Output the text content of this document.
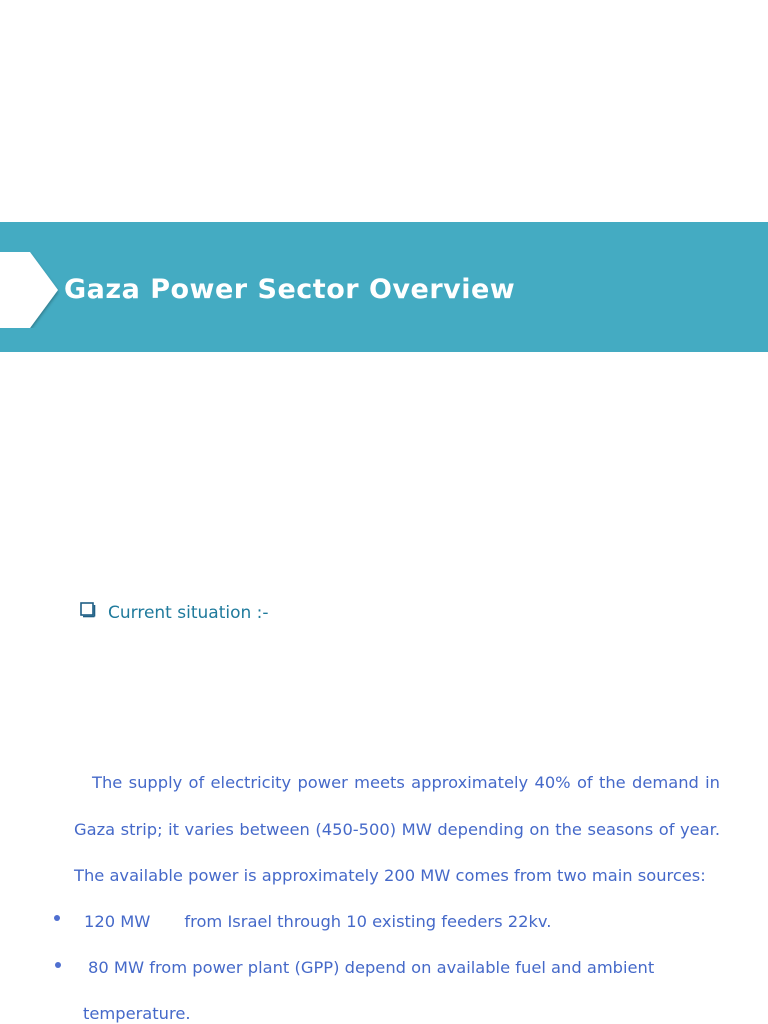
Gaza Power Sector Overview
Current situation :-
The supply of electricity power meets approximately 40% of the demand in Gaza strip; it varies between (450-500) MW depending on the seasons of year. The available power is approximately 200 MW comes from two main sources:
120 MW from Israel through 10 existing feeders 22kv.
80 MW from power plant (GPP) depend on available fuel and ambient
temperature.
